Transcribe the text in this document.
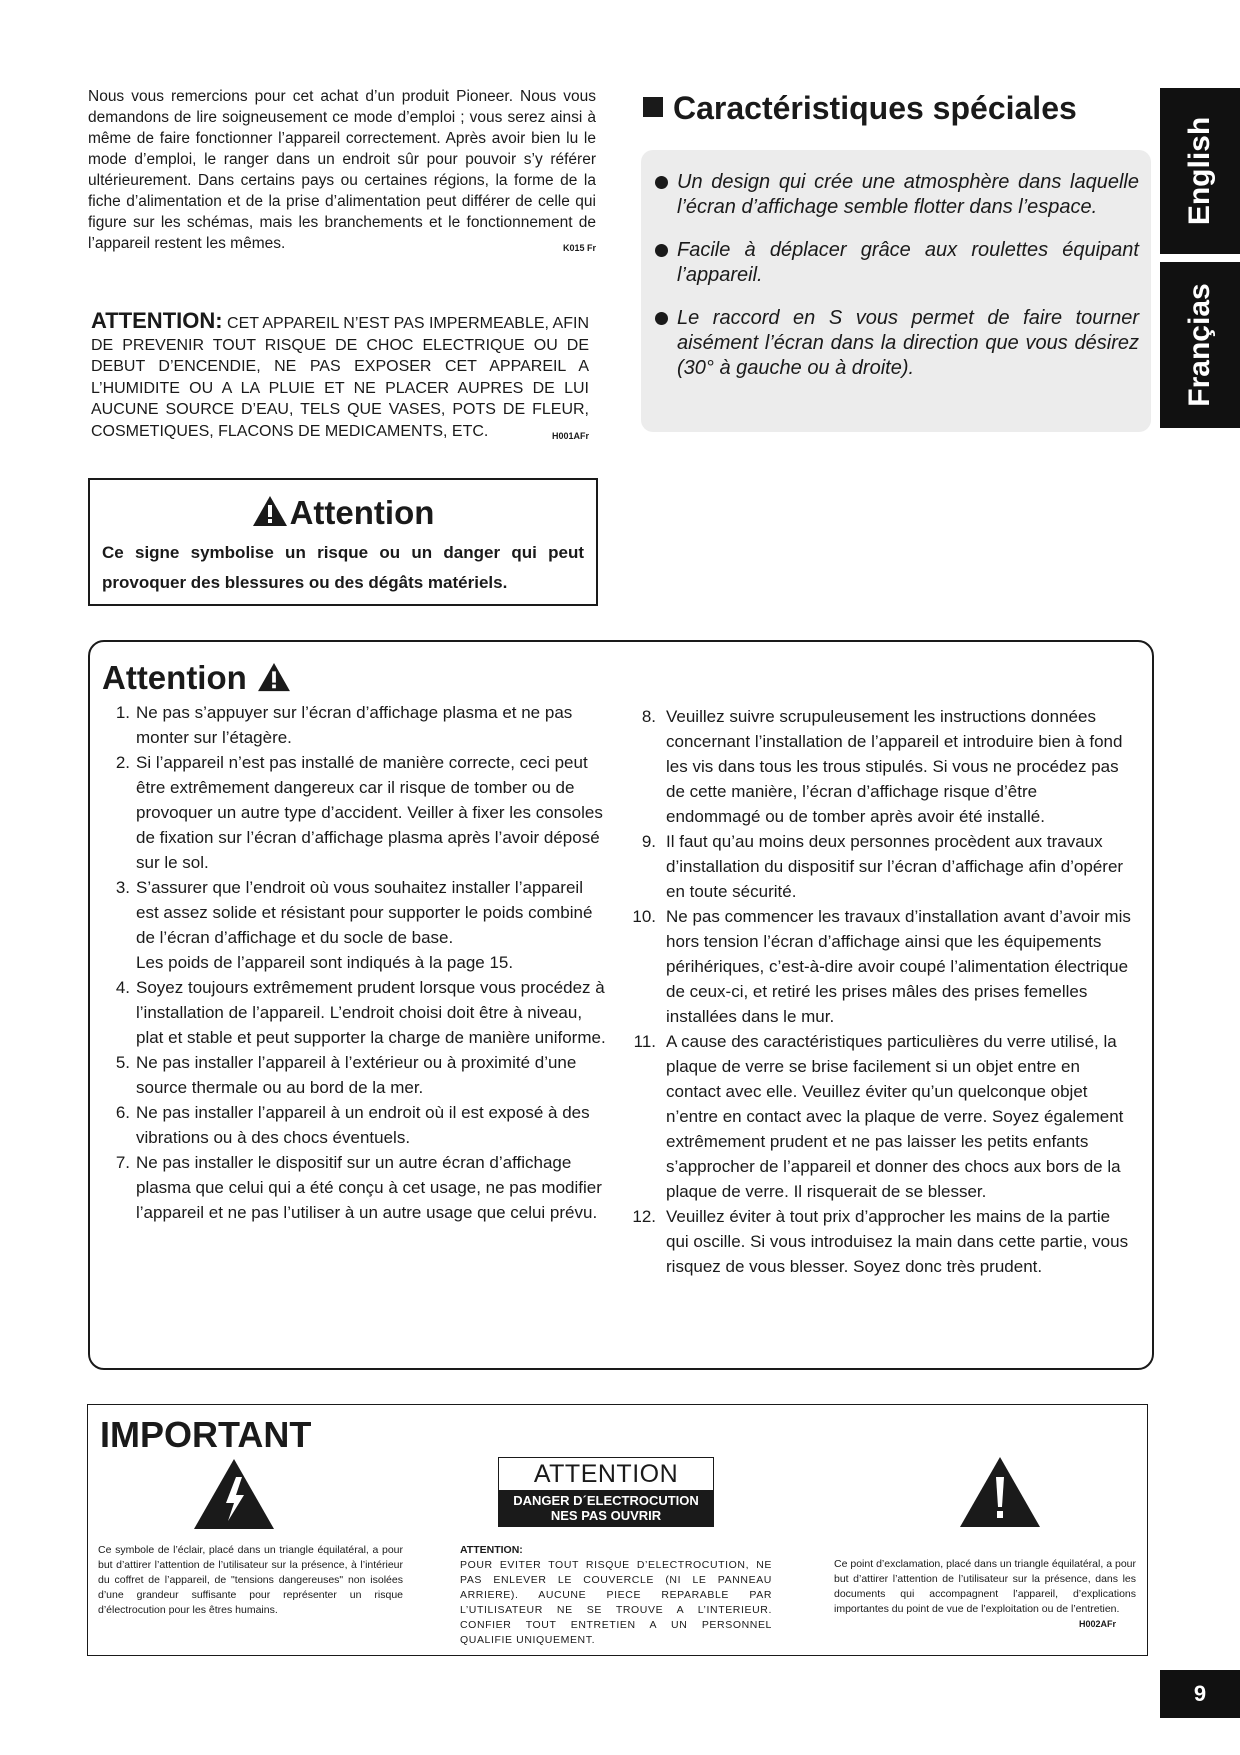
Nous vous remercions pour cet achat d’un produit Pioneer. Nous vous demandons de lire soigneusement ce mode d’emploi ; vous serez ainsi à même de faire fonctionner l’appareil correctement. Après avoir bien lu le mode d’emploi, le ranger dans un endroit sûr pour pouvoir s’y référer ultérieurement. Dans certains pays ou certaines régions, la forme de la fiche d’alimentation et de la prise d’alimentation peut différer de celle qui figure sur les schémas, mais les branchements et le fonctionnement de l’appareil restent les mêmes.	K015 Fr

ATTENTION: CET APPAREIL N’EST PAS IMPERMEABLE, AFIN DE PREVENIR TOUT RISQUE DE CHOC ELECTRIQUE OU DE DEBUT D’ENCENDIE, NE PAS EXPOSER CET APPAREIL A L’HUMIDITE OU A LA PLUIE ET NE PLACER AUPRES DE LUI AUCUNE SOURCE D’EAU, TELS QUE VASES, POTS DE FLEUR, COSMETIQUES, FLACONS DE MEDICAMENTS, ETC.	H001AFr

Attention
Ce signe symbolise un risque ou un danger qui peut provoquer des blessures ou des dégâts matériels.
Caractéristiques spéciales
Un design qui crée une atmosphère dans laquelle l’écran d’affichage semble flotter dans l’espace.
Facile à déplacer grâce aux roulettes équipant l’appareil.
Le raccord en S vous permet de faire tourner aisément l’écran dans la direction que vous désirez (30° à gauche ou à droite).
English
Françias
Attention
1. Ne pas s’appuyer sur l’écran d’affichage plasma et ne pas monter sur l’étagère.
2. Si l’appareil n’est pas installé de manière correcte, ceci peut être extrêmement dangereux car il risque de tomber ou de provoquer un autre type d’accident. Veiller à fixer les consoles de fixation sur l’écran d’affichage plasma après l’avoir déposé sur le sol.
3. S’assurer que l’endroit où vous souhaitez installer l’appareil est assez solide et résistant pour supporter le poids combiné de l’écran d’affichage et du socle de base.
Les poids de l’appareil sont indiqués à la page 15.
4. Soyez toujours extrêmement prudent lorsque vous procédez à l’installation de l’appareil. L’endroit choisi doit être à niveau, plat et stable et peut supporter la charge de manière uniforme.
5. Ne pas installer l’appareil à l’extérieur ou à proximité d’une source thermale ou au bord de la mer.
6. Ne pas installer l’appareil à un endroit où il est exposé à des vibrations ou à des chocs éventuels.
7. Ne pas installer le dispositif sur un autre écran d’affichage plasma que celui qui a été conçu à cet usage, ne pas modifier l’appareil et ne pas l’utiliser à un autre usage que celui prévu.
8. Veuillez suivre scrupuleusement les instructions données concernant l’installation de l’appareil et introduire bien à fond les vis dans tous les trous stipulés. Si vous ne procédez pas de cette manière, l’écran d’affichage risque d’être endommagé ou de tomber après avoir été installé.
9. Il faut qu’au moins deux personnes procèdent aux travaux d’installation du dispositif sur l’écran d’affichage afin d’opérer en toute sécurité.
10. Ne pas commencer les travaux d’installation avant d’avoir mis hors tension l’écran d’affichage ainsi que les équipements périhériques, c’est-à-dire avoir coupé l’alimentation électrique de ceux-ci, et retiré les prises mâles des prises femelles installées dans le mur.
11. A cause des caractéristiques particulières du verre utilisé, la plaque de verre se brise facilement si un objet entre en contact avec elle. Veuillez éviter qu’un quelconque objet n’entre en contact avec la plaque de verre. Soyez également extrêmement prudent et ne pas laisser les petits enfants s’approcher de l’appareil et donner des chocs aux bors de la plaque de verre. Il risquerait de se blesser.
12. Veuillez éviter à tout prix d’approcher les mains de la partie qui oscille. Si vous introduisez la main dans cette partie, vous risquez de vous blesser. Soyez donc très prudent.
IMPORTANT
ATTENTION
DANGER D´ELECTROCUTION
NES PAS OUVRIR
Ce symbole de l’éclair, placé dans un triangle équilatéral, a pour but d’attirer l’attention de l’utilisateur sur la présence, à l’intérieur du coffret de l’appareil, de "tensions dangereuses" non isolées d’une grandeur suffisante pour représenter un risque d’électrocution pour les êtres humains.
ATTENTION:
POUR EVITER TOUT RISQUE D’ELECTROCUTION, NE PAS ENLEVER LE COUVERCLE (NI LE PANNEAU ARRIERE). AUCUNE PIECE REPARABLE PAR L’UTILISATEUR NE SE TROUVE A L’INTERIEUR. CONFIER TOUT ENTRETIEN A UN PERSONNEL QUALIFIE UNIQUEMENT.
Ce point d’exclamation, placé dans un triangle équilatéral, a pour but d’attirer l’attention de l’utilisateur sur la présence, dans les documents qui accompagnent l’appareil, d’explications importantes du point de vue de l’exploitation ou de l’entretien.
H002AFr
9
